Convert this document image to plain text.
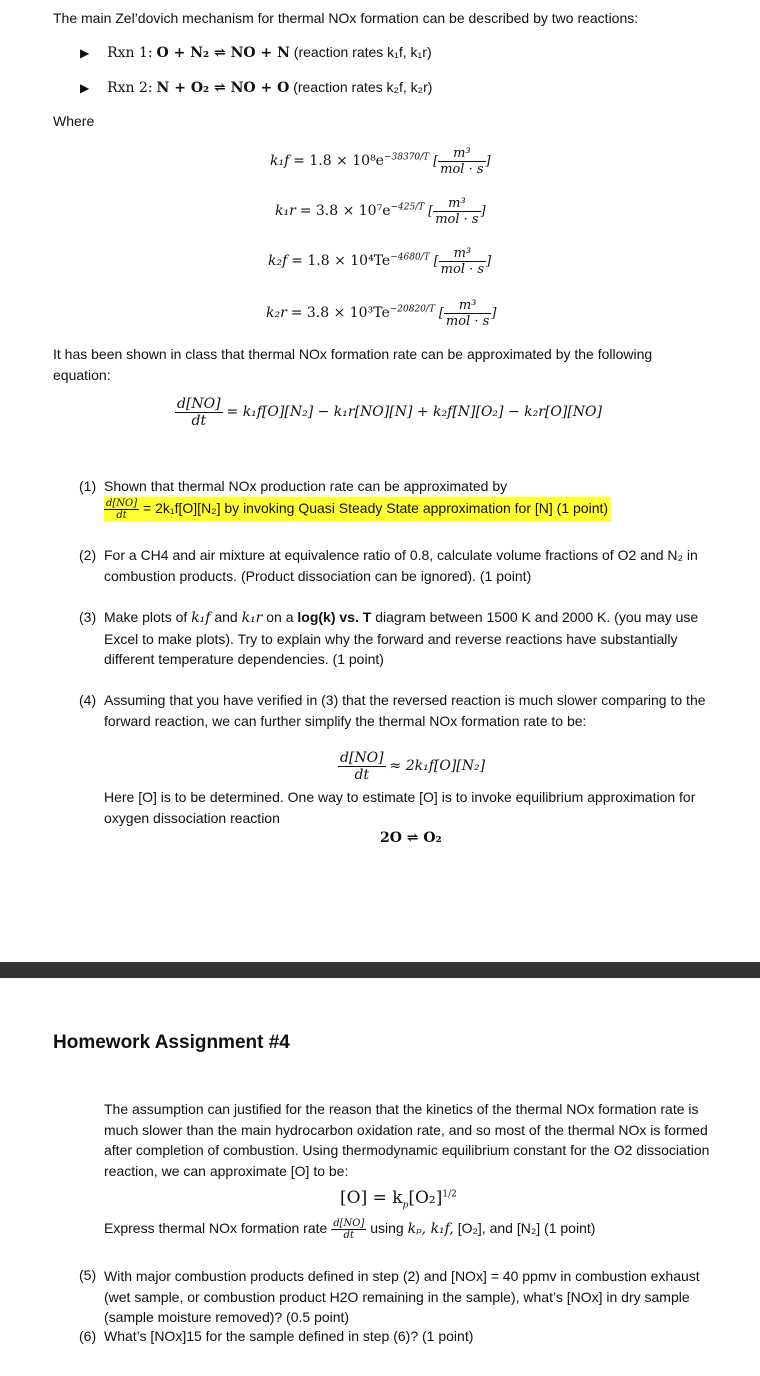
The main Zel’dovich mechanism for thermal NOx formation can be described by two reactions:
▶ Rxn 1: O + N₂ ⇌ NO + N (reaction rates k₁f, k₁r)
▶ Rxn 2: N + O₂ ⇌ NO + O (reaction rates k₂f, k₂r)
Where
$k_1f = 1.8 \times 10^8e^{-38370/T}$ [ $\frac{\text{m³}}{\text{mol · s}}$ ]
$k_1r = 3.8 \times 10^7e^{-425/T}$ [ $\frac{\text{m³}}{\text{mol · s}}$ ]
$k_2f = 1.8 \times 10^4Te^{-4680/T}$ [ $\frac{\text{m³}}{\text{mol · s}}$ ]
$k_2r = 3.8 \times 10^3Te^{-20820/T}$ [ $\frac{\text{m³}}{\text{mol · s}}$ ]
It has been shown in class that thermal NOx formation rate can be approximated by the following equation:
$\frac{d[NO]}{dt} = k_1f[O][N_2] - k_1r[NO][N] + k_2f[N][O_2] - k_2r[O][NO]$
(1) Shown that thermal NOx production rate can be approximated by
$\frac{d[NO]}{dt} = 2k_1f[O][N_2]$ by invoking Quasi Steady State approximation for [N] (1 point)
(2) For a CH4 and air mixture at equivalence ratio of 0.8, calculate volume fractions of O2 and N₂ in combustion products. (Product dissociation can be ignored). (1 point)
(3) Make plots of k₁f and k₁r on a log(k) vs. T diagram between 1500 K and 2000 K. (you may use Excel to make plots). Try to explain why the forward and reverse reactions have substantially different temperature dependencies. (1 point)
(4) Assuming that you have verified in (3) that the reversed reaction is much slower comparing to the forward reaction, we can further simplify the thermal NOx formation rate to be:
$\frac{d[NO]}{dt} \approx 2k_1f[O][N_2]$
Here [O] is to be determined. One way to estimate [O] is to invoke equilibrium approximation for oxygen dissociation reaction
2O ⇌ O₂
Homework Assignment #4
The assumption can justified for the reason that the kinetics of the thermal NOx formation rate is much slower than the main hydrocarbon oxidation rate, and so most of the thermal NOx is formed after completion of combustion. Using thermodynamic equilibrium constant for the O2 dissociation reaction, we can approximate [O] to be:
$[O] = k_p[O_2]^{1/2}$
Express thermal NOx formation rate $\frac{d[NO]}{dt}$ using kₚ, k₁f, [O₂], and [N₂] (1 point)
(5) With major combustion products defined in step (2) and [NOx] = 40 ppmv in combustion exhaust (wet sample, or combustion product H2O remaining in the sample), what’s [NOx] in dry sample (sample moisture removed)? (0.5 point)
(6) What’s [NOx]15 for the sample defined in step (6)? (1 point)
